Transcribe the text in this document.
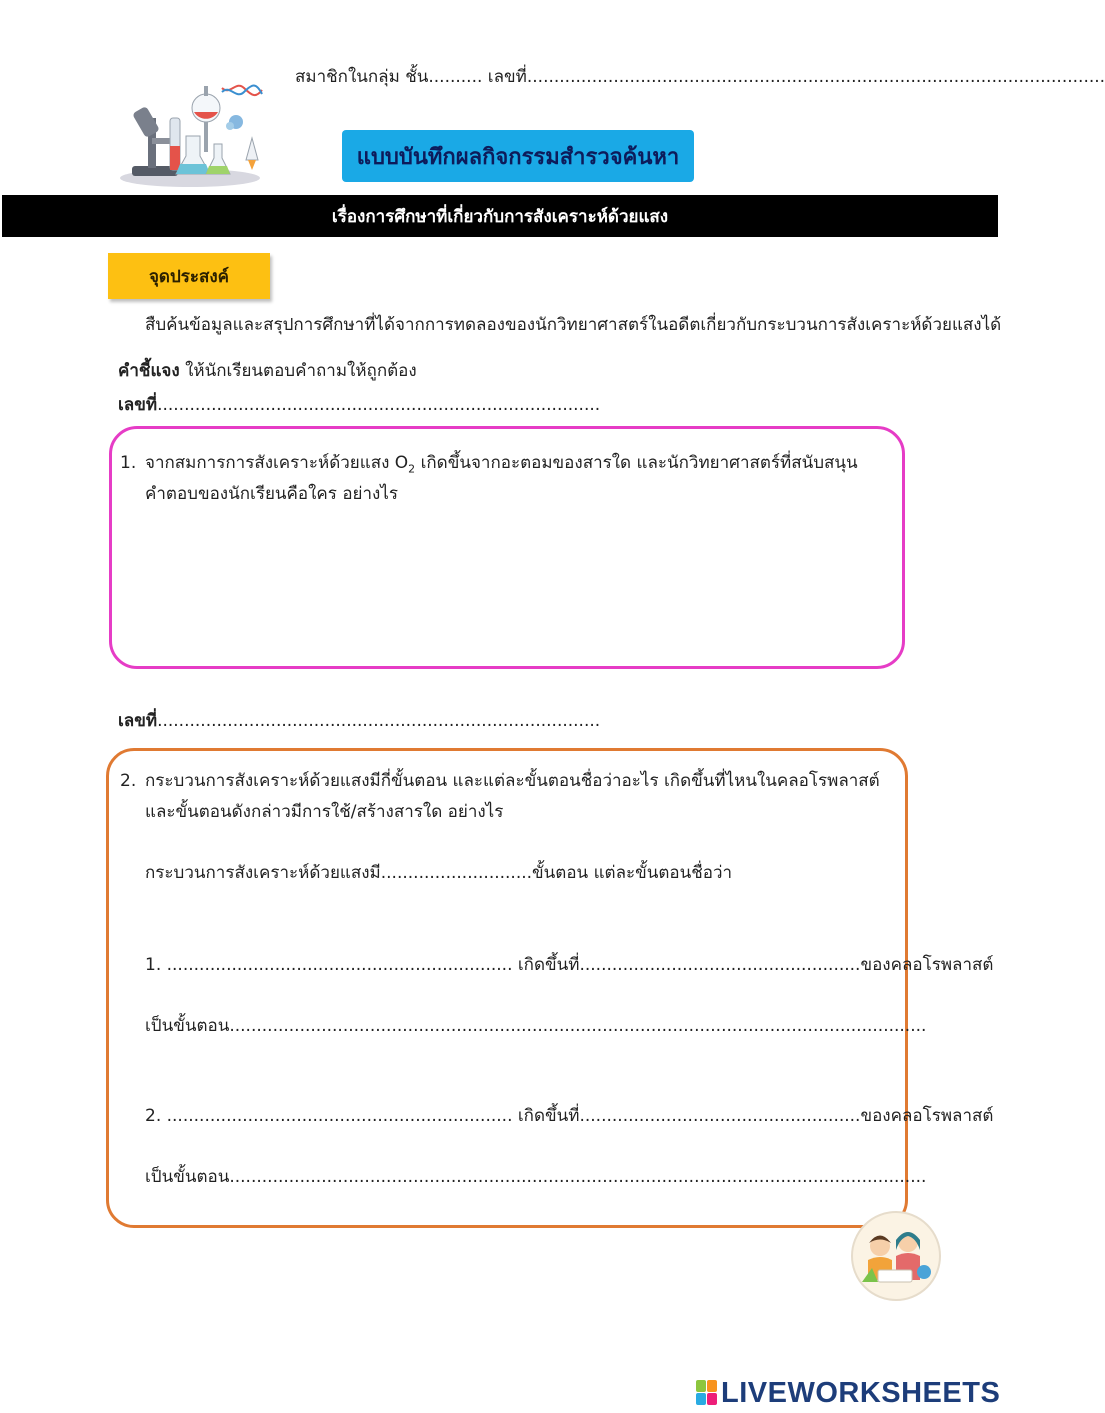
สมาชิกในกลุ่ม ชั้น.......... เลขที่...........................................................................................................
แบบบันทึกผลกิจกรรมสำรวจค้นหา
เรื่องการศึกษาที่เกี่ยวกับการสังเคราะห์ด้วยแสง
จุดประสงค์
สืบค้นข้อมูลและสรุปการศึกษาที่ได้จากการทดลองของนักวิทยาศาสตร์ในอดีตเกี่ยวกับกระบวนการสังเคราะห์ด้วยแสงได้
คำชี้แจง ให้นักเรียนตอบคำถามให้ถูกต้อง
เลขที่..................................................................................
1. จากสมการการสังเคราะห์ด้วยแสง $O_2$ เกิดขึ้นจากอะตอมของสารใด และนักวิทยาศาสตร์ที่สนับสนุน
คำตอบของนักเรียนคือใคร อย่างไร
เลขที่..................................................................................
2. กระบวนการสังเคราะห์ด้วยแสงมีกี่ขั้นตอน และแต่ละขั้นตอนชื่อว่าอะไร เกิดขึ้นที่ไหนในคลอโรพลาสต์
และขั้นตอนดังกล่าวมีการใช้/สร้างสารใด อย่างไร
กระบวนการสังเคราะห์ด้วยแสงมี............................ขั้นตอน แต่ละขั้นตอนชื่อว่า
1. ................................................................ เกิดขึ้นที่....................................................ของคลอโรพลาสต์
เป็นขั้นตอน.................................................................................................................................
2. ................................................................ เกิดขึ้นที่....................................................ของคลอโรพลาสต์
เป็นขั้นตอน.................................................................................................................................
LIVEWORKSHEETS
